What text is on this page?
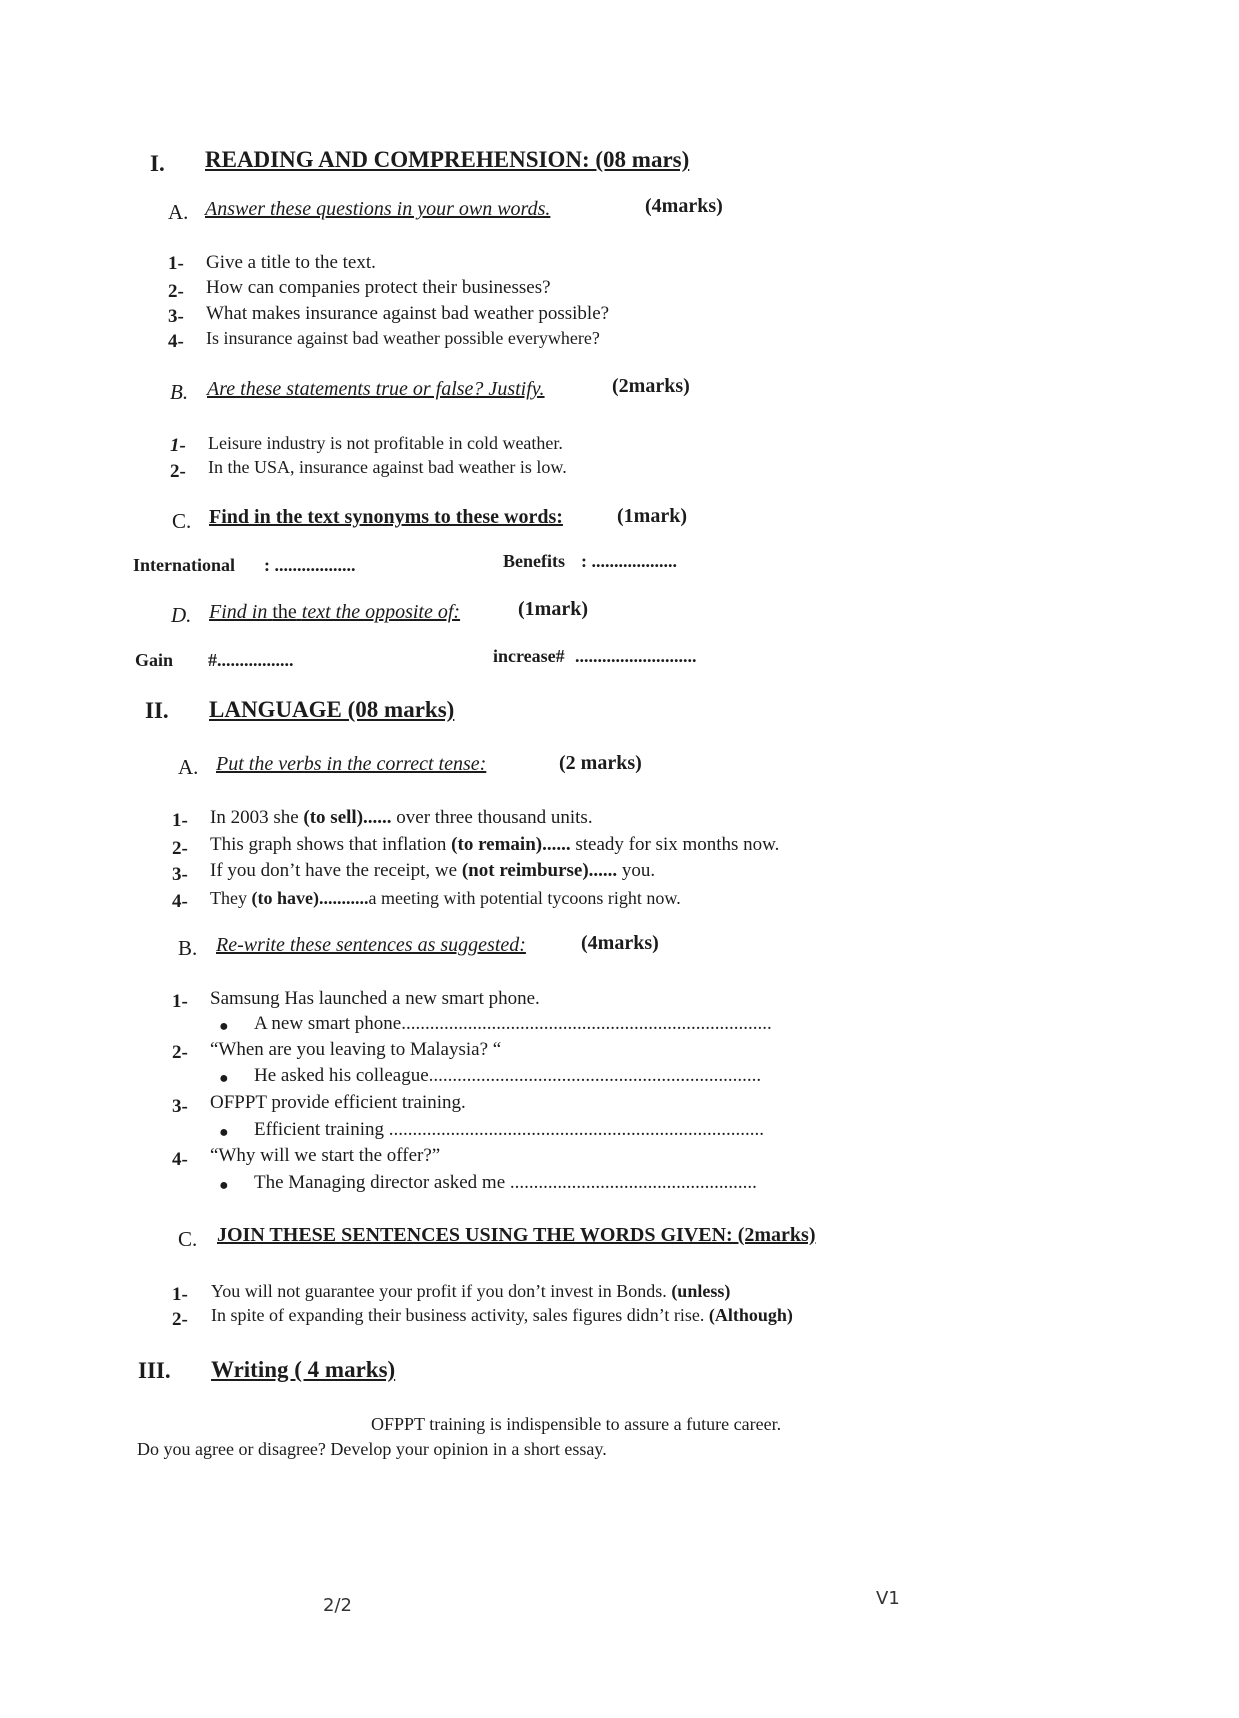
I. READING AND COMPREHENSION: (08 mars)
A. Answer these questions in your own words.	(4marks)
1- Give a title to the text.
2- How can companies protect their businesses?
3- What makes insurance against bad weather possible?
4- Is insurance against bad weather possible everywhere?
B. Are these statements true or false? Justify.	(2marks)
1- Leisure industry is not profitable in cold weather.
2- In the USA, insurance against bad weather is low.
C. Find in the text synonyms to these words:	(1mark)
International : ..................	Benefits : ...................
D. Find in the text the opposite of:	(1mark)
Gain #.................	increase# ...........................
II. LANGUAGE (08 marks)
A. Put the verbs in the correct tense:	(2 marks)
1- In 2003 she (to sell)...... over three thousand units.
2- This graph shows that inflation (to remain)...... steady for six months now.
3- If you don’t have the receipt, we (not reimburse)...... you.
4- They (to have)...........a meeting with potential tycoons right now.
B. Re-write these sentences as suggested:	(4marks)
1- Samsung Has launched a new smart phone.
● A new smart phone..............................................................................
2- “When are you leaving to Malaysia? “
● He asked his colleague......................................................................
3- OFPPT provide efficient training.
● Efficient training ...............................................................................
4- “Why will we start the offer?”
● The Managing director asked me ....................................................
C. JOIN THESE SENTENCES USING THE WORDS GIVEN: (2marks)
1- You will not guarantee your profit if you don’t invest in Bonds. (unless)
2- In spite of expanding their business activity, sales figures didn’t rise. (Although)
III. Writing ( 4 marks)
OFPPT training is indispensible to assure a future career.
Do you agree or disagree? Develop your opinion in a short essay.
2/2	V1
